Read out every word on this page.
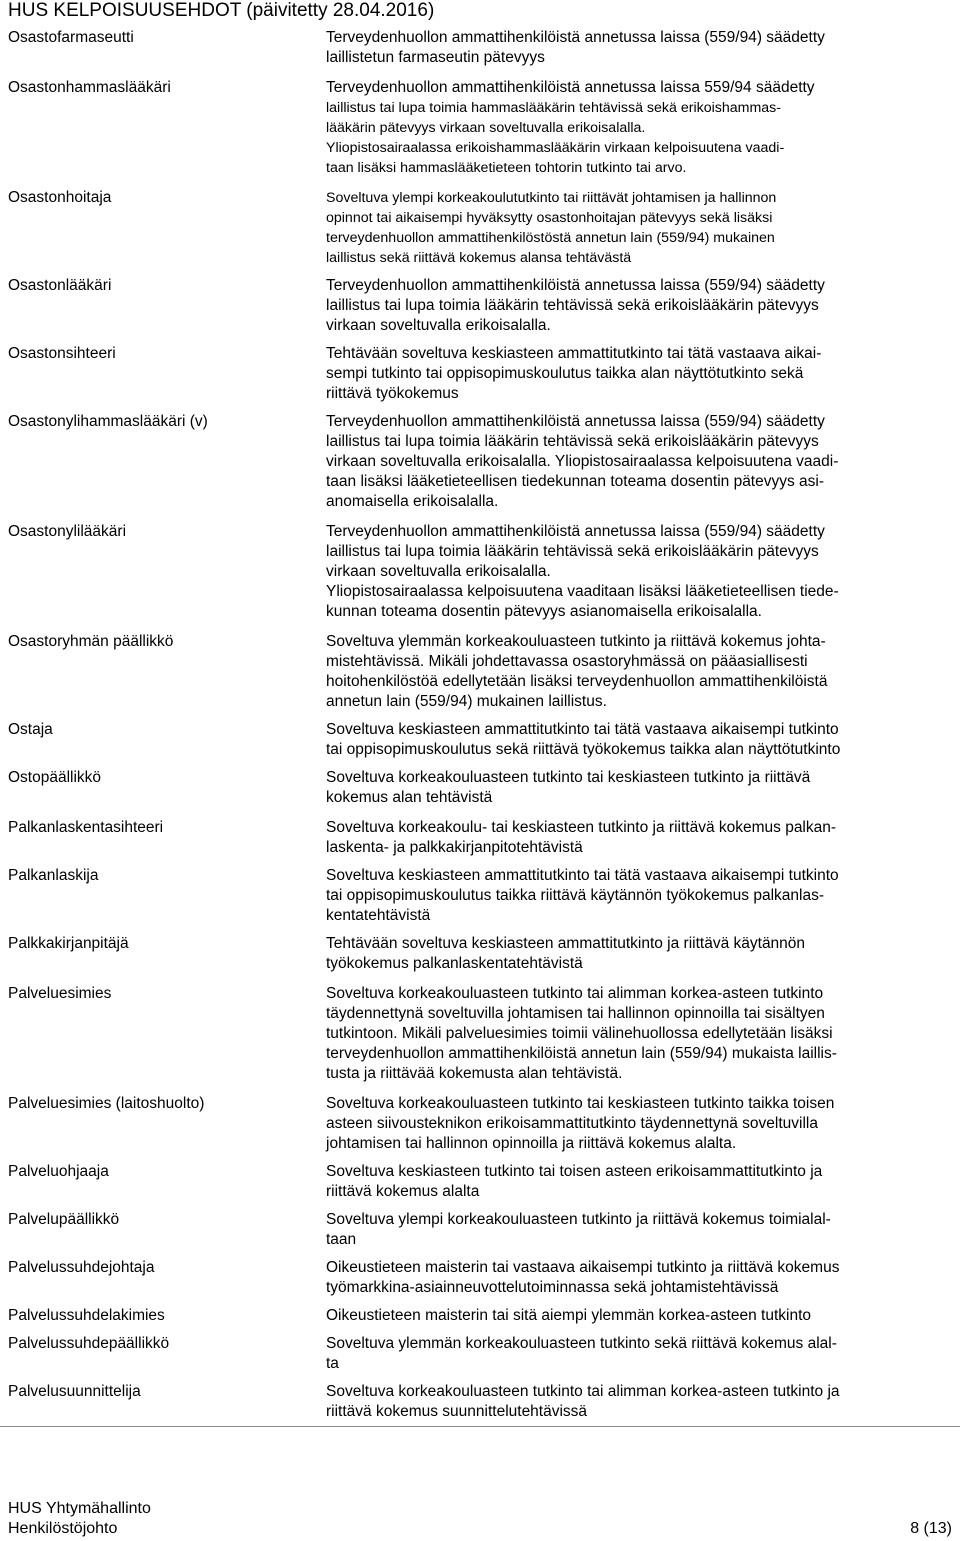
HUS KELPOISUUSEHDOT (päivitetty 28.04.2016)
Osastofarmaseutti	Terveydenhuollon ammattihenkilöistä annetussa laissa (559/94) säädetty
laillistetun farmaseutin pätevyys
Osastonhammaslääkäri	Terveydenhuollon ammattihenkilöistä annetussa laissa 559/94 säädetty
laillistus tai lupa toimia hammaslääkärin tehtävissä sekä erikoishammas-
lääkärin pätevyys virkaan soveltuvalla erikoisalalla.
Yliopistosairaalassa erikoishammaslääkärin virkaan kelpoisuutena vaadi-
taan lisäksi hammaslääketieteen tohtorin tutkinto tai arvo.
Osastonhoitaja	Soveltuva ylempi korkeakoulututkinto tai riittävät johtamisen ja hallinnon
opinnot tai aikaisempi hyväksytty osastonhoitajan pätevyys sekä lisäksi
terveydenhuollon ammattihenkilöstöstä annetun lain (559/94) mukainen
laillistus sekä riittävä kokemus alansa tehtävästä
Osastonlääkäri	Terveydenhuollon ammattihenkilöistä annetussa laissa (559/94) säädetty
laillistus tai lupa toimia lääkärin tehtävissä sekä erikoislääkärin pätevyys
virkaan soveltuvalla erikoisalalla.
Osastonsihteeri	Tehtävään soveltuva keskiasteen ammattitutkinto tai tätä vastaava aikai-
sempi tutkinto tai oppisopimuskoulutus taikka alan näyttötutkinto sekä
riittävä työkokemus
Osastonylihammaslääkäri (v)	Terveydenhuollon ammattihenkilöistä annetussa laissa (559/94) säädetty
laillistus tai lupa toimia lääkärin tehtävissä sekä erikoislääkärin pätevyys
virkaan soveltuvalla erikoisalalla. Yliopistosairaalassa kelpoisuutena vaadi-
taan lisäksi lääketieteellisen tiedekunnan toteama dosentin pätevyys asi-
anomaisella erikoisalalla.
Osastonylilääkäri	Terveydenhuollon ammattihenkilöistä annetussa laissa (559/94) säädetty
laillistus tai lupa toimia lääkärin tehtävissä sekä erikoislääkärin pätevyys
virkaan soveltuvalla erikoisalalla.
Yliopistosairaalassa kelpoisuutena vaaditaan lisäksi lääketieteellisen tiede-
kunnan toteama dosentin pätevyys asianomaisella erikoisalalla.
Osastoryhmän päällikkö	Soveltuva ylemmän korkeakouluasteen tutkinto ja riittävä kokemus johta-
mistehtävissä. Mikäli johdettavassa osastoryhmässä on pääasiallisesti
hoitohenkilöstöä edellytetään lisäksi terveydenhuollon ammattihenkilöistä
annetun lain (559/94) mukainen laillistus.
Ostaja	Soveltuva keskiasteen ammattitutkinto tai tätä vastaava aikaisempi tutkinto
tai oppisopimuskoulutus sekä riittävä työkokemus taikka alan näyttötutkinto
Ostopäällikkö	Soveltuva korkeakouluasteen tutkinto tai keskiasteen tutkinto ja riittävä
kokemus alan tehtävistä
Palkanlaskentasihteeri	Soveltuva korkeakoulu- tai keskiasteen tutkinto ja riittävä kokemus palkan-
laskenta- ja palkkakirjanpitotehtävistä
Palkanlaskija	Soveltuva keskiasteen ammattitutkinto tai tätä vastaava aikaisempi tutkinto
tai oppisopimuskoulutus taikka riittävä käytännön työkokemus palkanlas-
kentatehtävistä
Palkkakirjanpitäjä	Tehtävään soveltuva keskiasteen ammattitutkinto ja riittävä käytännön
työkokemus palkanlaskentatehtävistä
Palveluesimies	Soveltuva korkeakouluasteen tutkinto tai alimman korkea-asteen tutkinto
täydennettynä soveltuvilla johtamisen tai hallinnon opinnoilla tai sisältyen
tutkintoon. Mikäli palveluesimies toimii välinehuollossa edellytetään lisäksi
terveydenhuollon ammattihenkilöistä annetun lain (559/94) mukaista laillis-
tusta ja riittävää kokemusta alan tehtävistä.
Palveluesimies (laitoshuolto)	Soveltuva korkeakouluasteen tutkinto tai keskiasteen tutkinto taikka toisen
asteen siivousteknikon erikoisammattitutkinto täydennettynä soveltuvilla
johtamisen tai hallinnon opinnoilla ja riittävä kokemus alalta.
Palveluohjaaja	Soveltuva keskiasteen tutkinto tai toisen asteen erikoisammattitutkinto ja
riittävä kokemus alalta
Palvelupäällikkö	Soveltuva ylempi korkeakouluasteen tutkinto ja riittävä kokemus toimialal-
taan
Palvelussuhdejohtaja	Oikeustieteen maisterin tai vastaava aikaisempi tutkinto ja riittävä kokemus
työmarkkina-asiainneuvottelutoiminnassa sekä johtamistehtävissä
Palvelussuhdelakimies	Oikeustieteen maisterin tai sitä aiempi ylemmän korkea-asteen tutkinto
Palvelussuhdepäällikkö	Soveltuva ylemmän korkeakouluasteen tutkinto sekä riittävä kokemus alal-
ta
Palvelusuunnittelija	Soveltuva korkeakouluasteen tutkinto tai alimman korkea-asteen tutkinto ja
riittävä kokemus suunnittelutehtävissä
HUS Yhtymähallinto
Henkilöstöjohto	8 (13)
